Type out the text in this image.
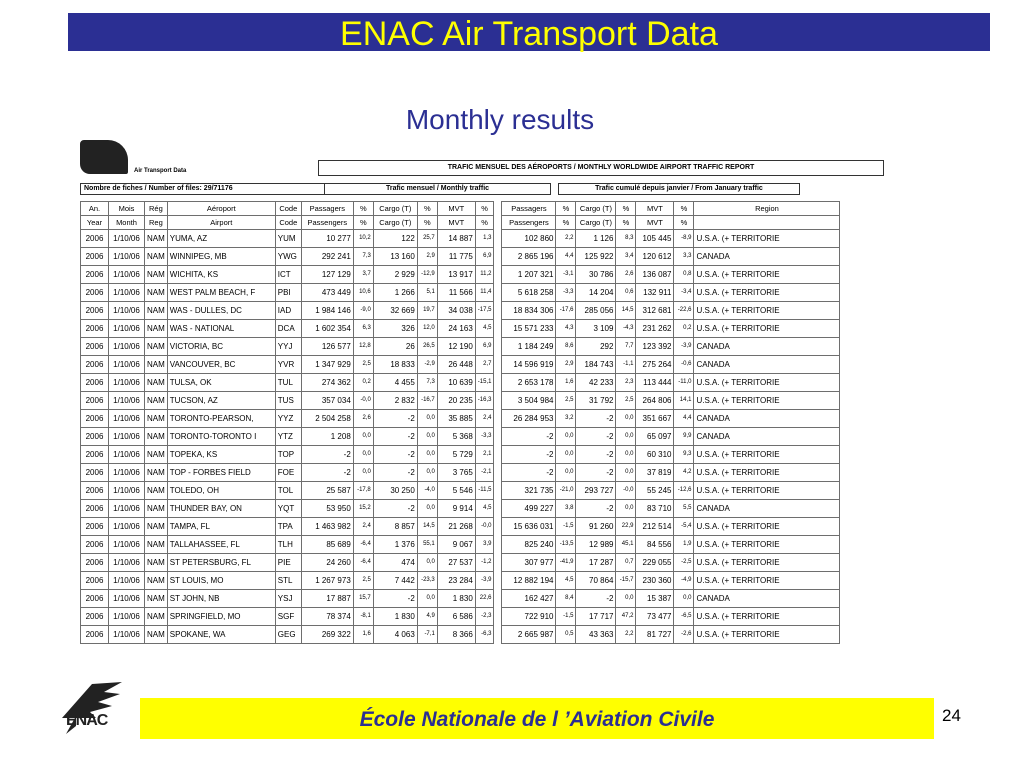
ENAC Air Transport Data
Monthly results
Air Transport Data	TRAFIC MENSUEL DES AÉROPORTS / MONTHLY WORLDWIDE AIRPORT TRAFFIC REPORT
Nombre de fiches / Number of files: 29/71176	Trafic mensuel / Monthly traffic	Trafic cumulé depuis janvier / From January traffic
An.	Mois	Rég	Aéroport	Code	Passagers	%	Cargo (T)	%	MVT	%		Passagers	%	Cargo (T)	%	MVT	%	Region
Year	Month	Reg	Airport	Code	Passengers	%	Cargo (T)	%	MVT	%		Passengers	%	Cargo (T)	%	MVT	%	
2006	1/10/06	NAM	YUMA, AZ	YUM	10 277	10,2	122	25,7	14 887	1,3		102 860	2,2	1 126	8,3	105 445	-8,9	U.S.A. (+ TERRITORIE
2006	1/10/06	NAM	WINNIPEG, MB	YWG	292 241	7,3	13 160	2,9	11 775	6,9		2 865 196	4,4	125 922	3,4	120 612	3,3	CANADA
2006	1/10/06	NAM	WICHITA, KS	ICT	127 129	3,7	2 929	-12,9	13 917	11,2		1 207 321	-3,1	30 786	2,6	136 087	0,8	U.S.A. (+ TERRITORIE
2006	1/10/06	NAM	WEST PALM BEACH, F	PBI	473 449	10,6	1 266	5,1	11 566	11,4		5 618 258	-3,3	14 204	0,6	132 911	-3,4	U.S.A. (+ TERRITORIE
2006	1/10/06	NAM	WAS - DULLES, DC	IAD	1 984 146	-9,0	32 669	19,7	34 038	-17,5		18 834 306	-17,6	285 056	14,5	312 681	-22,6	U.S.A. (+ TERRITORIE
2006	1/10/06	NAM	WAS - NATIONAL	DCA	1 602 354	6,3	326	12,0	24 163	4,5		15 571 233	4,3	3 109	-4,3	231 262	0,2	U.S.A. (+ TERRITORIE
2006	1/10/06	NAM	VICTORIA, BC	YYJ	126 577	12,8	26	26,5	12 190	6,9		1 184 249	8,6	292	7,7	123 392	-3,9	CANADA
2006	1/10/06	NAM	VANCOUVER, BC	YVR	1 347 929	2,5	18 833	-2,9	26 448	2,7		14 596 919	2,9	184 743	-1,1	275 264	-0,6	CANADA
2006	1/10/06	NAM	TULSA, OK	TUL	274 362	0,2	4 455	7,3	10 639	-15,1		2 653 178	1,6	42 233	2,3	113 444	-11,0	U.S.A. (+ TERRITORIE
2006	1/10/06	NAM	TUCSON, AZ	TUS	357 034	-0,0	2 832	-16,7	20 235	-16,3		3 504 984	2,5	31 792	2,5	264 806	14,1	U.S.A. (+ TERRITORIE
2006	1/10/06	NAM	TORONTO-PEARSON,	YYZ	2 504 258	2,6	-2	0,0	35 885	2,4		26 284 953	3,2	-2	0,0	351 667	4,4	CANADA
2006	1/10/06	NAM	TORONTO-TORONTO I	YTZ	1 208	0,0	-2	0,0	5 368	-3,3		-2	0,0	-2	0,0	65 097	9,9	CANADA
2006	1/10/06	NAM	TOPEKA, KS	TOP	-2	0,0	-2	0,0	5 729	2,1		-2	0,0	-2	0,0	60 310	9,3	U.S.A. (+ TERRITORIE
2006	1/10/06	NAM	TOP - FORBES FIELD	FOE	-2	0,0	-2	0,0	3 765	-2,1		-2	0,0	-2	0,0	37 819	4,2	U.S.A. (+ TERRITORIE
2006	1/10/06	NAM	TOLEDO, OH	TOL	25 587	-17,8	30 250	-4,0	5 546	-11,5		321 735	-21,0	293 727	-0,0	55 245	-12,6	U.S.A. (+ TERRITORIE
2006	1/10/06	NAM	THUNDER BAY, ON	YQT	53 950	15,2	-2	0,0	9 914	4,5		499 227	3,8	-2	0,0	83 710	5,5	CANADA
2006	1/10/06	NAM	TAMPA, FL	TPA	1 463 982	2,4	8 857	14,5	21 268	-0,0		15 636 031	-1,5	91 260	22,9	212 514	-5,4	U.S.A. (+ TERRITORIE
2006	1/10/06	NAM	TALLAHASSEE, FL	TLH	85 689	-6,4	1 376	55,1	9 067	3,9		825 240	-13,5	12 989	45,1	84 556	1,9	U.S.A. (+ TERRITORIE
2006	1/10/06	NAM	ST PETERSBURG, FL	PIE	24 260	-6,4	474	0,0	27 537	-1,2		307 977	-41,9	17 287	0,7	229 055	-2,5	U.S.A. (+ TERRITORIE
2006	1/10/06	NAM	ST LOUIS, MO	STL	1 267 973	2,5	7 442	-23,3	23 284	-3,9		12 882 194	4,5	70 864	-15,7	230 360	-4,9	U.S.A. (+ TERRITORIE
2006	1/10/06	NAM	ST JOHN, NB	YSJ	17 887	15,7	-2	0,0	1 830	22,6		162 427	8,4	-2	0,0	15 387	0,0	CANADA
2006	1/10/06	NAM	SPRINGFIELD, MO	SGF	78 374	-8,1	1 830	4,9	6 586	-2,3		722 910	-1,5	17 717	47,2	73 477	-6,5	U.S.A. (+ TERRITORIE
2006	1/10/06	NAM	SPOKANE, WA	GEG	269 322	1,6	4 063	-7,1	8 366	-6,3		2 665 987	0,5	43 363	2,2	81 727	-2,6	U.S.A. (+ TERRITORIE
ENAC	École Nationale de l ’Aviation Civile	24
